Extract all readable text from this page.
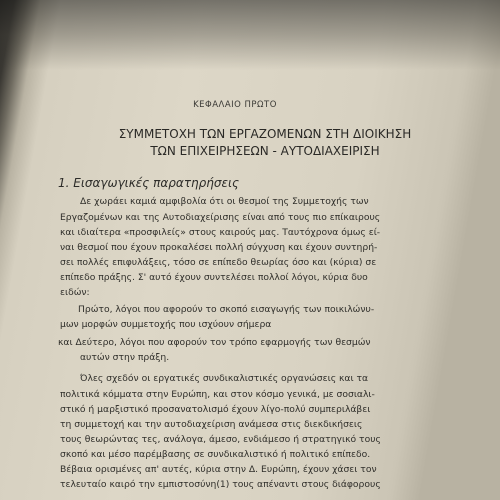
ΚΕΦΑΛΑΙΟ ΠΡΩΤΟ
ΣΥΜΜΕΤΟΧΗ ΤΩΝ ΕΡΓΑΖΟΜΕΝΩΝ ΣΤΗ ΔΙΟΙΚΗΣΗ
ΤΩΝ ΕΠΙΧΕΙΡΗΣΕΩΝ - ΑΥΤΟΔΙΑΧΕΙΡΙΣΗ
1. Εισαγωγικές παρατηρήσεις
Δε χωράει καμιά αμφιβολία ότι οι θεσμοί της Συμμετοχής των
Εργαζομένων και της Αυτοδιαχείρισης είναι από τους πιο επίκαιρους
και ιδιαίτερα «προσφιλείς» στους καιρούς μας. Ταυτόχρονα όμως εί-
ναι θεσμοί που έχουν προκαλέσει πολλή σύγχυση και έχουν συντηρή-
σει πολλές επιφυλάξεις, τόσο σε επίπεδο θεωρίας όσο και (κύρια) σε
επίπεδο πράξης. Σ' αυτό έχουν συντελέσει πολλοί λόγοι, κύρια δυο
ειδών:
Πρώτο, λόγοι που αφορούν το σκοπό εισαγωγής των ποικιλώνυ-
μων μορφών συμμετοχής που ισχύουν σήμερα
και Δεύτερο, λόγοι που αφορούν τον τρόπο εφαρμογής των θεσμών
αυτών στην πράξη.
Όλες σχεδόν οι εργατικές συνδικαλιστικές οργανώσεις και τα
πολιτικά κόμματα στην Ευρώπη, και στον κόσμο γενικά, με σοσιαλι-
στικό ή μαρξιστικό προσανατολισμό έχουν λίγο-πολύ συμπεριλάβει
τη συμμετοχή και την αυτοδιαχείριση ανάμεσα στις διεκδικήσεις
τους θεωρώντας τες, ανάλογα, άμεσο, ενδιάμεσο ή στρατηγικό τους
σκοπό και μέσο παρέμβασης σε συνδικαλιστικό ή πολιτικό επίπεδο.
Βέβαια ορισμένες απ' αυτές, κύρια στην Δ. Ευρώπη, έχουν χάσει τον
τελευταίο καιρό την εμπιστοσύνη(1) τους απέναντι στους διάφορους
